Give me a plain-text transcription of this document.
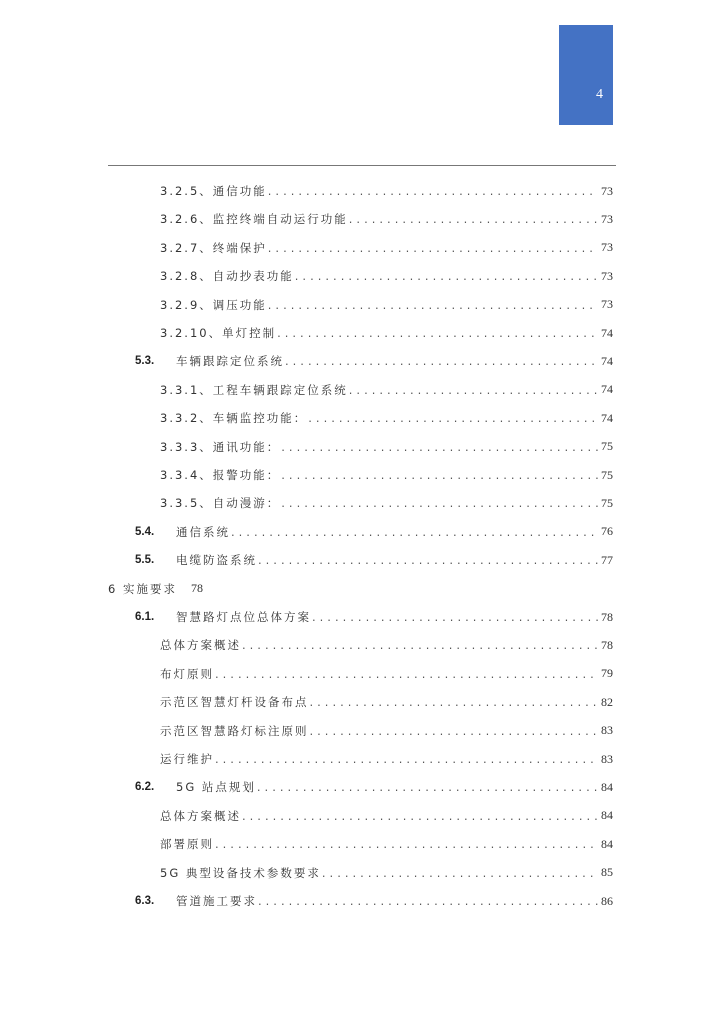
4
3.2.5、通信功能 .....	73
3.2.6、监控终端自动运行功能 .....	73
3.2.7、终端保护 .....	73
3.2.8、自动抄表功能 .....	73
3.2.9、调压功能 .....	73
3.2.10、单灯控制 .....	74
5.3.	车辆跟踪定位系统 .....	74
3.3.1、工程车辆跟踪定位系统 .....	74
3.3.2、车辆监控功能： .....	74
3.3.3、通讯功能： .....	75
3.3.4、报警功能： .....	75
3.3.5、自动漫游： .....	75
5.4.	通信系统 .....	76
5.5.	电缆防盗系统 .....	77
6 实施要求 78
6.1.	智慧路灯点位总体方案 .....	78
总体方案概述 .....	78
布灯原则 .....	79
示范区智慧灯杆设备布点 .....	82
示范区智慧路灯标注原则 .....	83
运行维护 .....	83
6.2.	5G 站点规划 .....	84
总体方案概述 .....	84
部署原则 .....	84
5G 典型设备技术参数要求 .....	85
6.3.	管道施工要求 .....	86
